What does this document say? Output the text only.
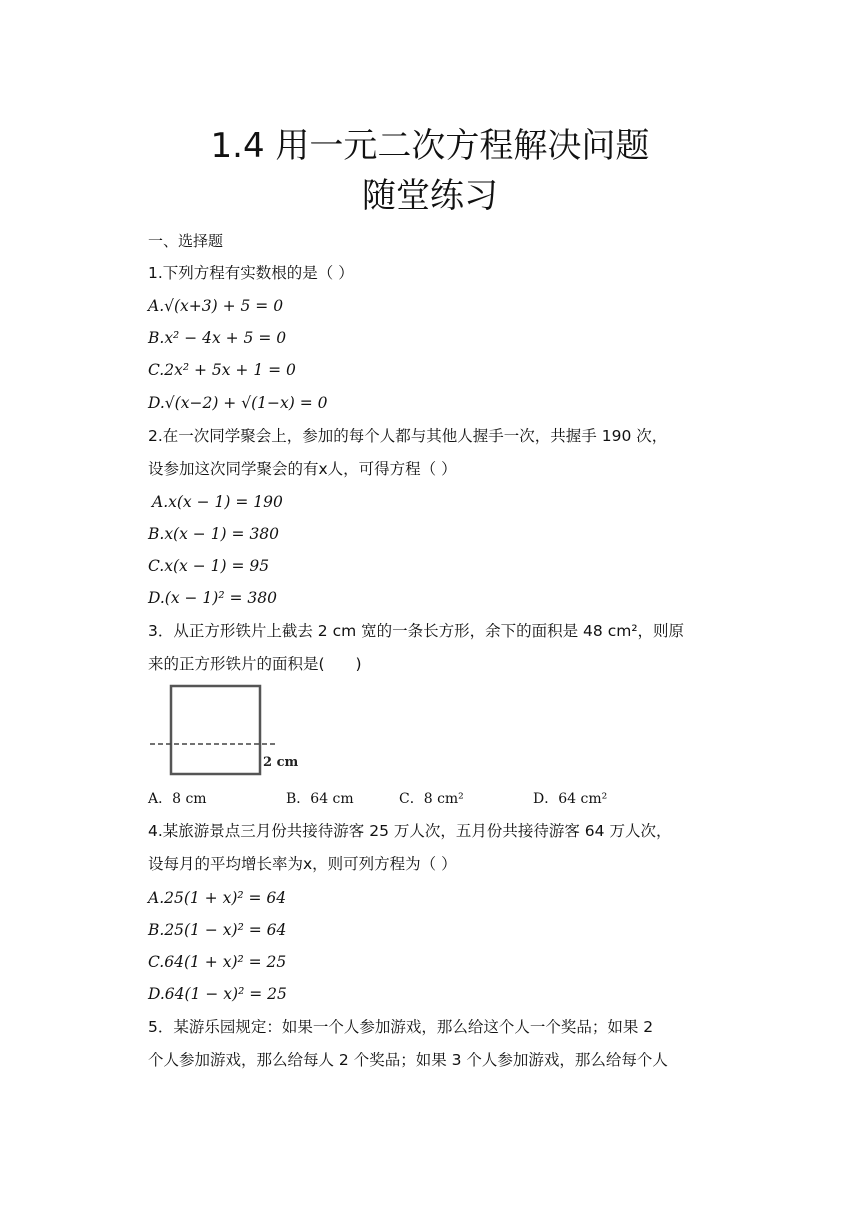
1.4 用一元二次方程解决问题
随堂练习
一、选择题
1.下列方程有实数根的是（ ）
A.√(x+3) + 5 = 0
B.x² − 4x + 5 = 0
C.2x² + 5x + 1 = 0
D.√(x−2) + √(1−x) = 0
2.在一次同学聚会上，参加的每个人都与其他人握手一次，共握手 190 次，
设参加这次同学聚会的有x人，可得方程（ ）
A.x(x − 1) = 190
B.x(x − 1) = 380
C.x(x − 1) = 95
D.(x − 1)² = 380
3．从正方形铁片上截去 2 cm 宽的一条长方形，余下的面积是 48 cm²，则原
来的正方形铁片的面积是(　　)
2 cm
A．8 cm	B．64 cm	C．8 cm²	D．64 cm²
4.某旅游景点三月份共接待游客 25 万人次，五月份共接待游客 64 万人次，
设每月的平均增长率为x，则可列方程为（ ）
A.25(1 + x)² = 64
B.25(1 − x)² = 64
C.64(1 + x)² = 25
D.64(1 − x)² = 25
5．某游乐园规定：如果一个人参加游戏，那么给这个人一个奖品；如果 2
个人参加游戏，那么给每人 2 个奖品；如果 3 个人参加游戏，那么给每个人
